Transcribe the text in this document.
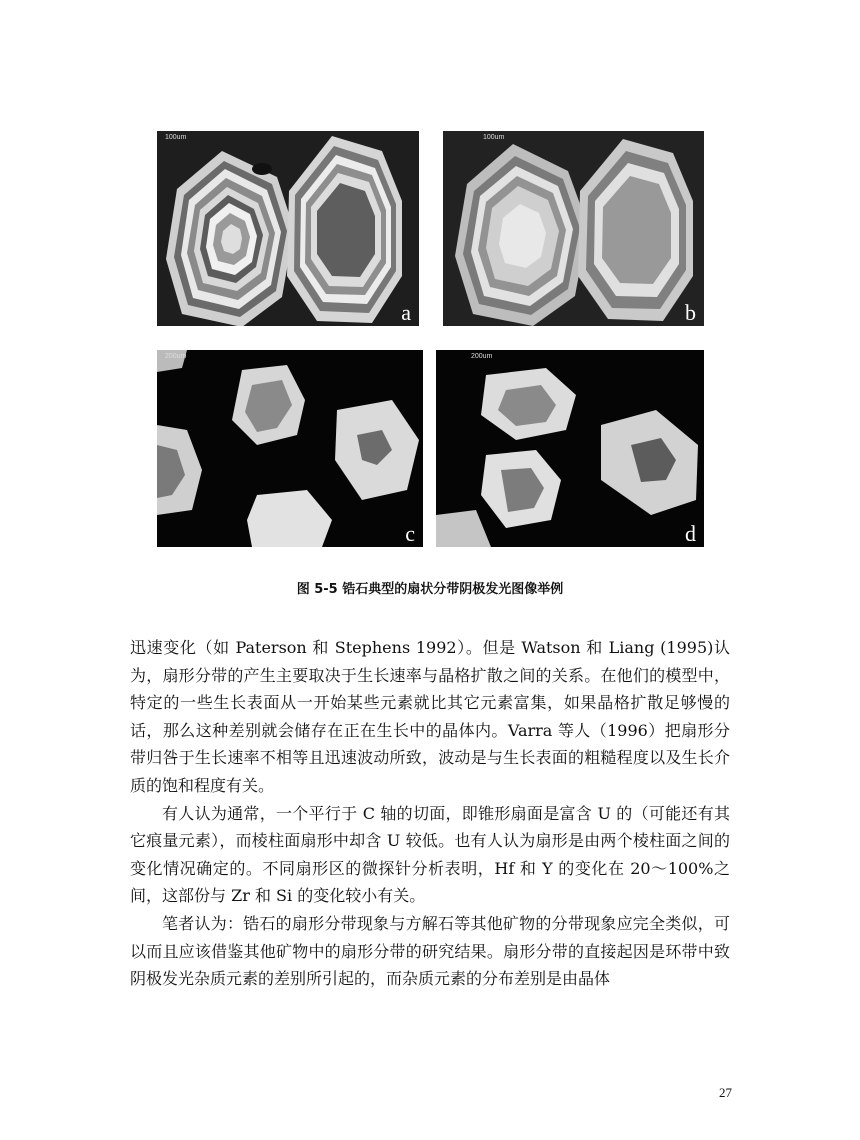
100um
a
100um
b
200um
c
200um
d
图 5-5 锆石典型的扇状分带阴极发光图像举例

迅速变化（如 Paterson 和 Stephens 1992）。但是 Watson 和 Liang (1995)认为，扇形分带的产生主要取决于生长速率与晶格扩散之间的关系。在他们的模型中，特定的一些生长表面从一开始某些元素就比其它元素富集，如果晶格扩散足够慢的话，那么这种差别就会储存在正在生长中的晶体内。Varra 等人（1996）把扇形分带归咎于生长速率不相等且迅速波动所致，波动是与生长表面的粗糙程度以及生长介质的饱和程度有关。

有人认为通常，一个平行于 C 轴的切面，即锥形扇面是富含 U 的（可能还有其它痕量元素），而棱柱面扇形中却含 U 较低。也有人认为扇形是由两个棱柱面之间的变化情况确定的。不同扇形区的微探针分析表明，Hf 和 Y 的变化在 20～100%之间，这部份与 Zr 和 Si 的变化较小有关。

笔者认为：锆石的扇形分带现象与方解石等其他矿物的分带现象应完全类似，可以而且应该借鉴其他矿物中的扇形分带的研究结果。扇形分带的直接起因是环带中致阴极发光杂质元素的差别所引起的，而杂质元素的分布差别是由晶体

27
